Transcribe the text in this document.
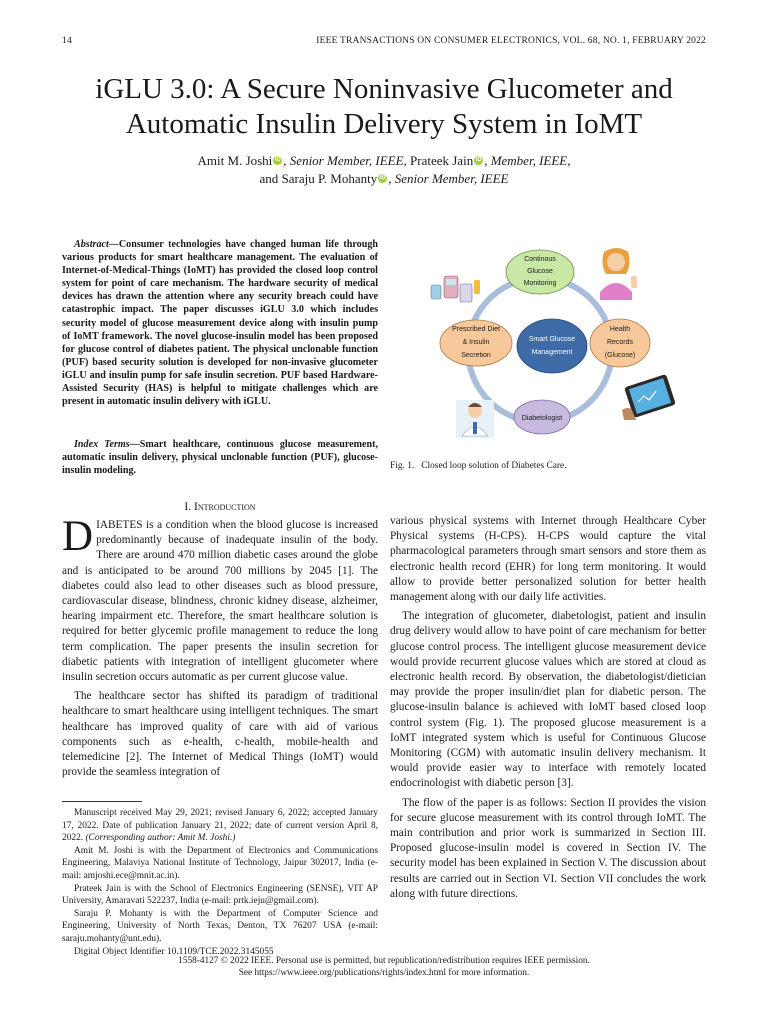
14	IEEE TRANSACTIONS ON CONSUMER ELECTRONICS, VOL. 68, NO. 1, FEBRUARY 2022
iGLU 3.0: A Secure Noninvasive Glucometer and
Automatic Insulin Delivery System in IoMT
Amit M. Joshi iD , Senior Member, IEEE, Prateek Jain iD , Member, IEEE,
and Saraju P. Mohanty iD , Senior Member, IEEE

Abstract—Consumer technologies have changed human life through various products for smart healthcare management. The evaluation of Internet-of-Medical-Things (IoMT) has provided the closed loop control system for point of care mechanism. The hardware security of medical devices has drawn the attention where any security breach could have catastrophic impact. The paper discusses iGLU 3.0 which includes security model of glucose measurement device along with insulin pump of IoMT framework. The novel glucose-insulin model has been proposed for glucose control of diabetes patient. The physical unclonable function (PUF) based security solution is developed for non-invasive glucometer iGLU and insulin pump for safe insulin secretion. PUF based Hardware-Assisted Security (HAS) is helpful to mitigate challenges which are present in automatic insulin delivery with iGLU.

Index Terms—Smart healthcare, continuous glucose measurement, automatic insulin delivery, physical unclonable function (PUF), glucose-insulin modeling.

I. Introduction

DIABETES is a condition when the blood glucose is increased predominantly because of inadequate insulin of the body. There are around 470 million diabetic cases around the globe and is anticipated to be around 700 millions by 2045 [1]. The diabetes could also lead to other diseases such as blood pressure, cardiovascular disease, blindness, chronic kidney disease, alzheimer, hearing impairment etc. Therefore, the smart healthcare solution is required for better glycemic profile management to reduce the long term complication. The paper presents the insulin secretion for diabetic patients with integration of intelligent glucometer where insulin secretion occurs automatic as per current glucose value.

The healthcare sector has shifted its paradigm of traditional healthcare to smart healthcare using intelligent techniques. The smart healthcare has improved quality of care with aid of various components such as e-health, c-health, mobile-health and telemedicine [2]. The Internet of Medical Things (IoMT) would provide the seamless integration of

Manuscript received May 29, 2021; revised January 6, 2022; accepted January 17, 2022. Date of publication January 21, 2022; date of current version April 8, 2022. (Corresponding author: Amit M. Joshi.)

Amit M. Joshi is with the Department of Electronics and Communications Engineering, Malaviya National Institute of Technology, Jaipur 302017, India (e-mail: amjoshi.ece@mnit.ac.in).

Prateek Jain is with the School of Electronics Engineering (SENSE), VIT AP University, Amaravati 522237, India (e-mail: prtk.ieju@gmail.com).

Saraju P. Mohanty is with the Department of Computer Science and Engineering, University of North Texas, Denton, TX 76207 USA (e-mail: saraju.mohanty@unt.edu).

Digital Object Identifier 10.1109/TCE.2022.3145055

Continous
Glucose
Monitoring
Prescribed Diet
& Insulin
Secretion
Smart Glucose
Management
Health
Records
(Glucose)
Diabetologist
Fig. 1. Closed loop solution of Diabetes Care.

various physical systems with Internet through Healthcare Cyber Physical systems (H-CPS). H-CPS would capture the vital pharmacological parameters through smart sensors and store them as electronic health record (EHR) for long term monitoring. It would allow to provide better personalized solution for better health management along with our daily life activities.

The integration of glucometer, diabetologist, patient and insulin drug delivery would allow to have point of care mechanism for better glucose control process. The intelligent glucose measurement device would provide recurrent glucose values which are stored at cloud as electronic health record. By observation, the diabetologist/dietician may provide the proper insulin/diet plan for diabetic person. The glucose-insulin balance is achieved with IoMT based closed loop control system (Fig. 1). The proposed glucose measurement is a IoMT integrated system which is useful for Continuous Glucose Monitoring (CGM) with automatic insulin delivery mechanism. It would provide easier way to interface with remotely located endocrinologist with diabetic person [3].

The flow of the paper is as follows: Section II provides the vision for secure glucose measurement with its control through IoMT. The main contribution and prior work is summarized in Section III. Proposed glucose-insulin model is covered in Section IV. The security model has been explained in Section V. The discussion about results are carried out in Section VI. Section VII concludes the work along with future directions.

1558-4127 © 2022 IEEE. Personal use is permitted, but republication/redistribution requires IEEE permission.
See https://www.ieee.org/publications/rights/index.html for more information.
